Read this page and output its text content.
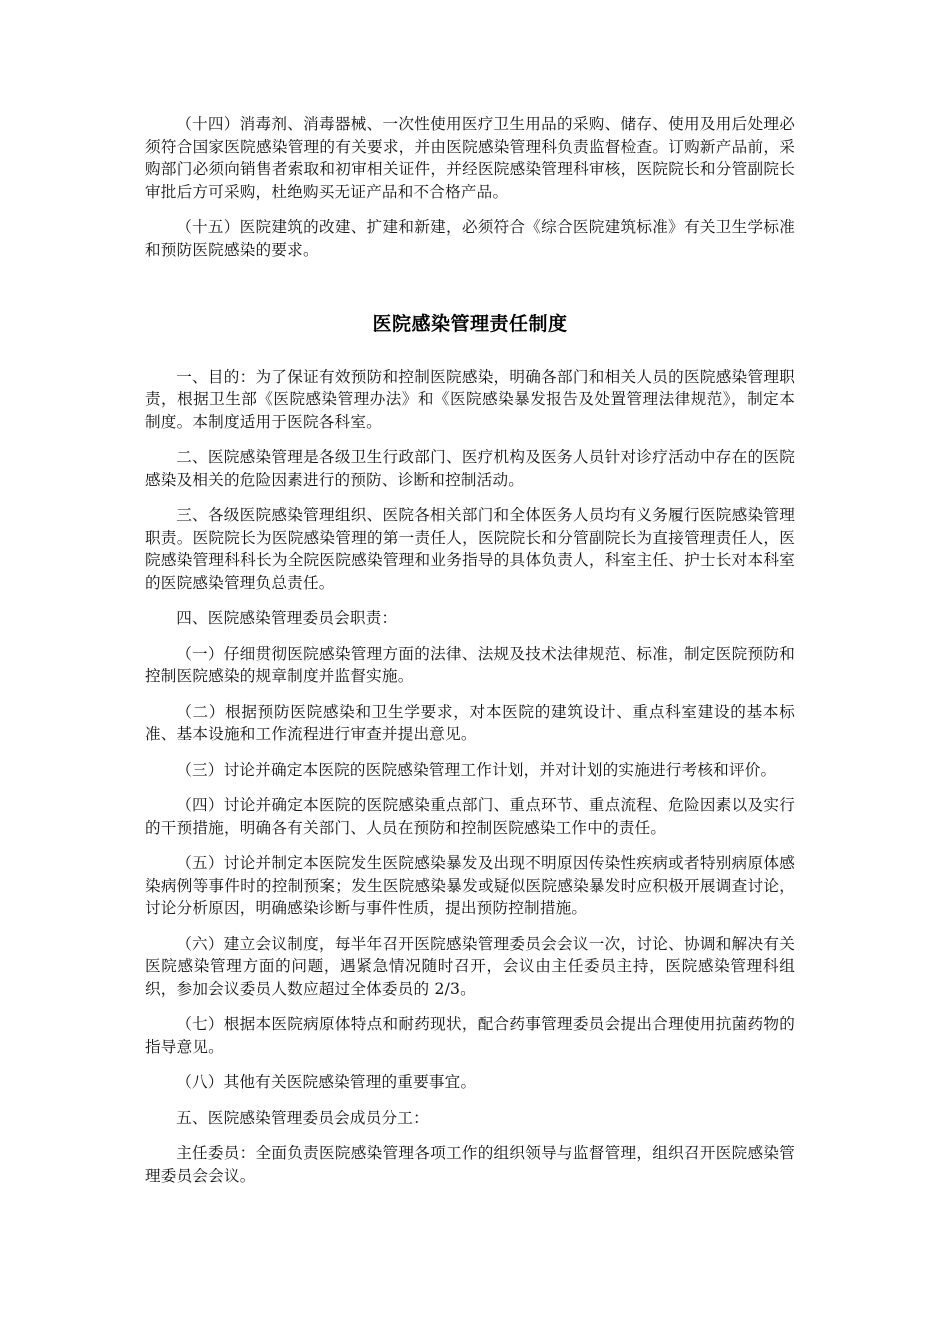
（十四）消毒剂、消毒器械、一次性使用医疗卫生用品的采购、储存、使用及用后处理必须符合国家医院感染管理的有关要求，并由医院感染管理科负责监督检查。订购新产品前，采购部门必须向销售者索取和初审相关证件，并经医院感染管理科审核，医院院长和分管副院长审批后方可采购，杜绝购买无证产品和不合格产品。

（十五）医院建筑的改建、扩建和新建，必须符合《综合医院建筑标准》有关卫生学标准和预防医院感染的要求。

医院感染管理责任制度

一、目的：为了保证有效预防和控制医院感染，明确各部门和相关人员的医院感染管理职责，根据卫生部《医院感染管理办法》和《医院感染暴发报告及处置管理法律规范》，制定本制度。本制度适用于医院各科室。

二、医院感染管理是各级卫生行政部门、医疗机构及医务人员针对诊疗活动中存在的医院感染及相关的危险因素进行的预防、诊断和控制活动。

三、各级医院感染管理组织、医院各相关部门和全体医务人员均有义务履行医院感染管理职责。医院院长为医院感染管理的第一责任人，医院院长和分管副院长为直接管理责任人，医院感染管理科科长为全院医院感染管理和业务指导的具体负责人，科室主任、护士长对本科室的医院感染管理负总责任。

四、医院感染管理委员会职责：

（一）仔细贯彻医院感染管理方面的法律、法规及技术法律规范、标准，制定医院预防和控制医院感染的规章制度并监督实施。

（二）根据预防医院感染和卫生学要求，对本医院的建筑设计、重点科室建设的基本标准、基本设施和工作流程进行审查并提出意见。

（三）讨论并确定本医院的医院感染管理工作计划，并对计划的实施进行考核和评价。

（四）讨论并确定本医院的医院感染重点部门、重点环节、重点流程、危险因素以及实行的干预措施，明确各有关部门、人员在预防和控制医院感染工作中的责任。

（五）讨论并制定本医院发生医院感染暴发及出现不明原因传染性疾病或者特别病原体感染病例等事件时的控制预案；发生医院感染暴发或疑似医院感染暴发时应积极开展调查讨论，讨论分析原因，明确感染诊断与事件性质，提出预防控制措施。

（六）建立会议制度，每半年召开医院感染管理委员会会议一次，讨论、协调和解决有关医院感染管理方面的问题，遇紧急情况随时召开，会议由主任委员主持，医院感染管理科组织，参加会议委员人数应超过全体委员的 2/3。

（七）根据本医院病原体特点和耐药现状，配合药事管理委员会提出合理使用抗菌药物的指导意见。

（八）其他有关医院感染管理的重要事宜。

五、医院感染管理委员会成员分工：

主任委员：全面负责医院感染管理各项工作的组织领导与监督管理，组织召开医院感染管理委员会会议。
